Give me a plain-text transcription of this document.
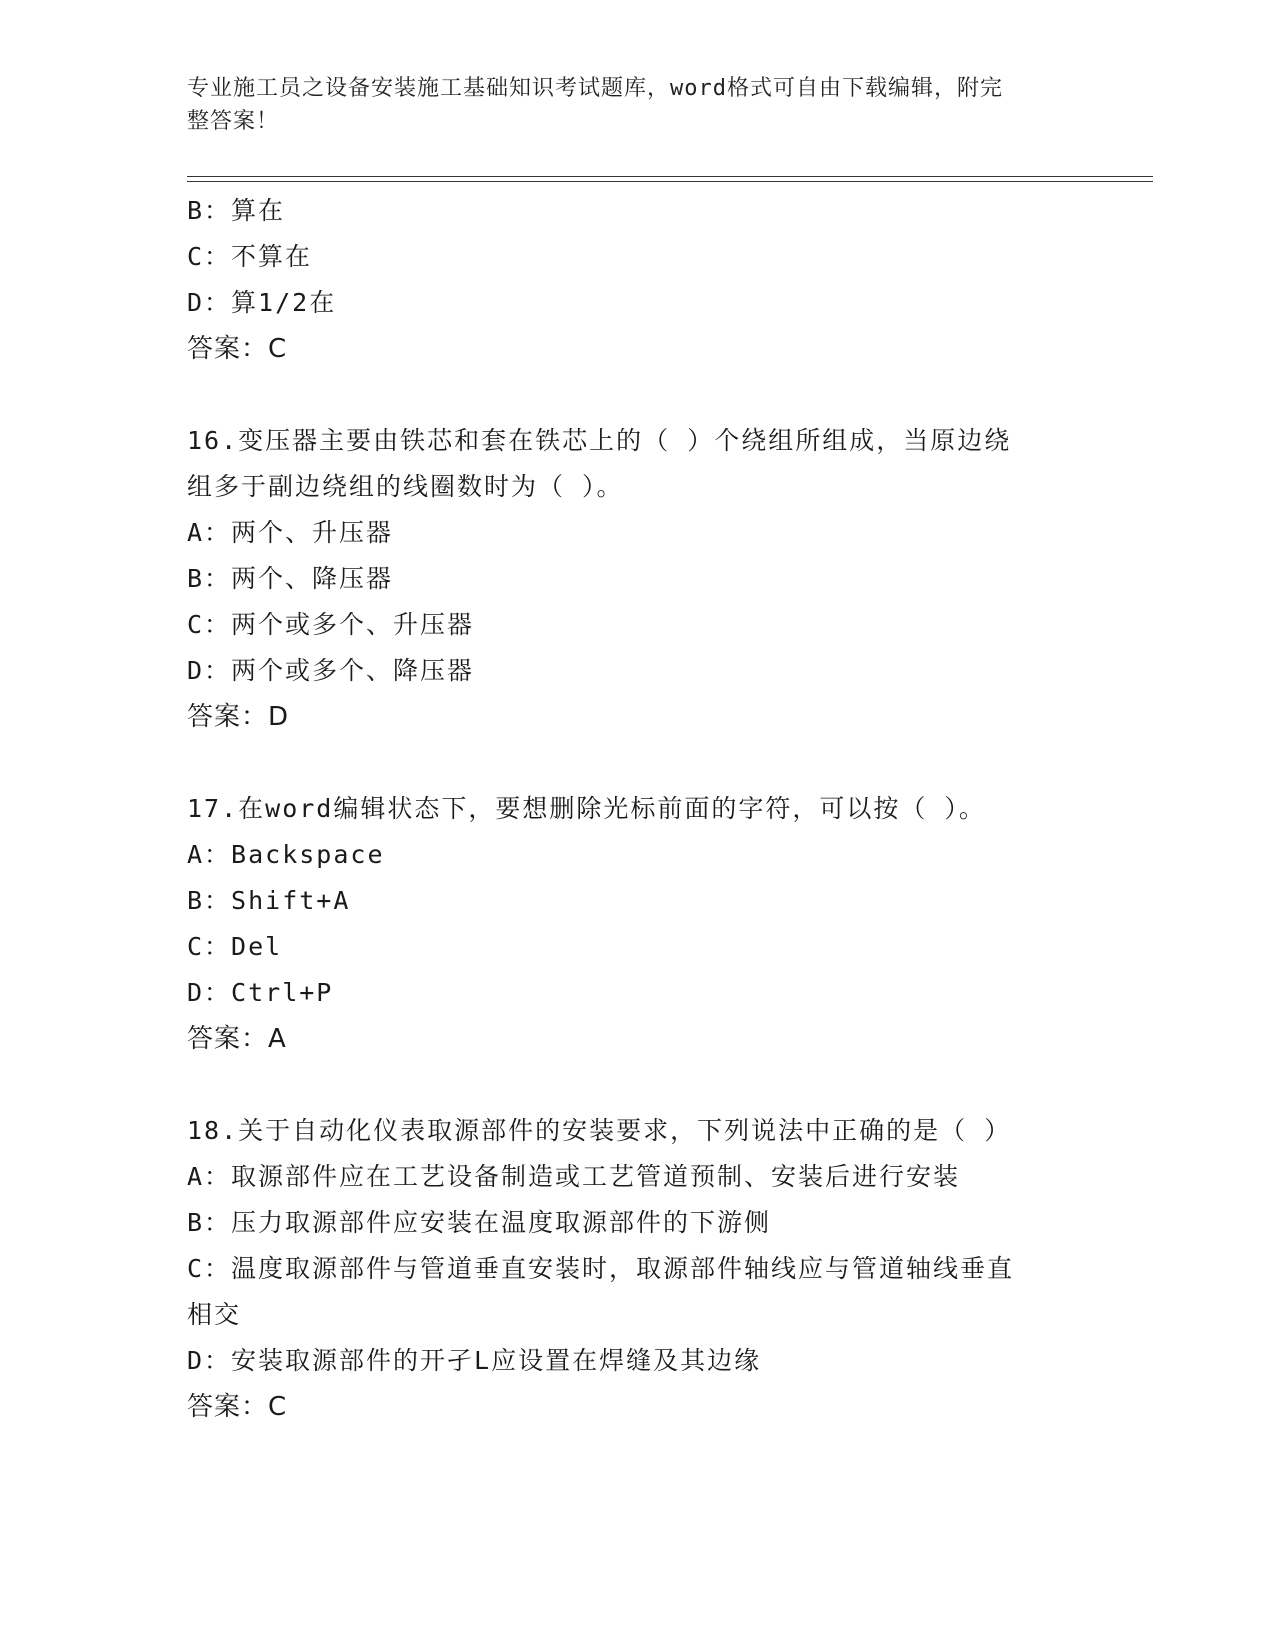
专业施工员之设备安装施工基础知识考试题库，word格式可自由下载编辑，附完
整答案！
B：算在
C：不算在
D：算1/2在
答案：C
16.变压器主要由铁芯和套在铁芯上的（ ）个绕组所组成，当原边绕
组多于副边绕组的线圈数时为（ ）。
A：两个、升压器
B：两个、降压器
C：两个或多个、升压器
D：两个或多个、降压器
答案：D
17.在word编辑状态下，要想删除光标前面的字符，可以按（ ）。
A：Backspace
B：Shift+A
C：Del
D：Ctrl+P
答案：A
18.关于自动化仪表取源部件的安装要求，下列说法中正确的是（ ）
A：取源部件应在工艺设备制造或工艺管道预制、安装后进行安装
B：压力取源部件应安装在温度取源部件的下游侧
C：温度取源部件与管道垂直安装时，取源部件轴线应与管道轴线垂直
相交
D：安装取源部件的开孑L应设置在焊缝及其边缘
答案：C
